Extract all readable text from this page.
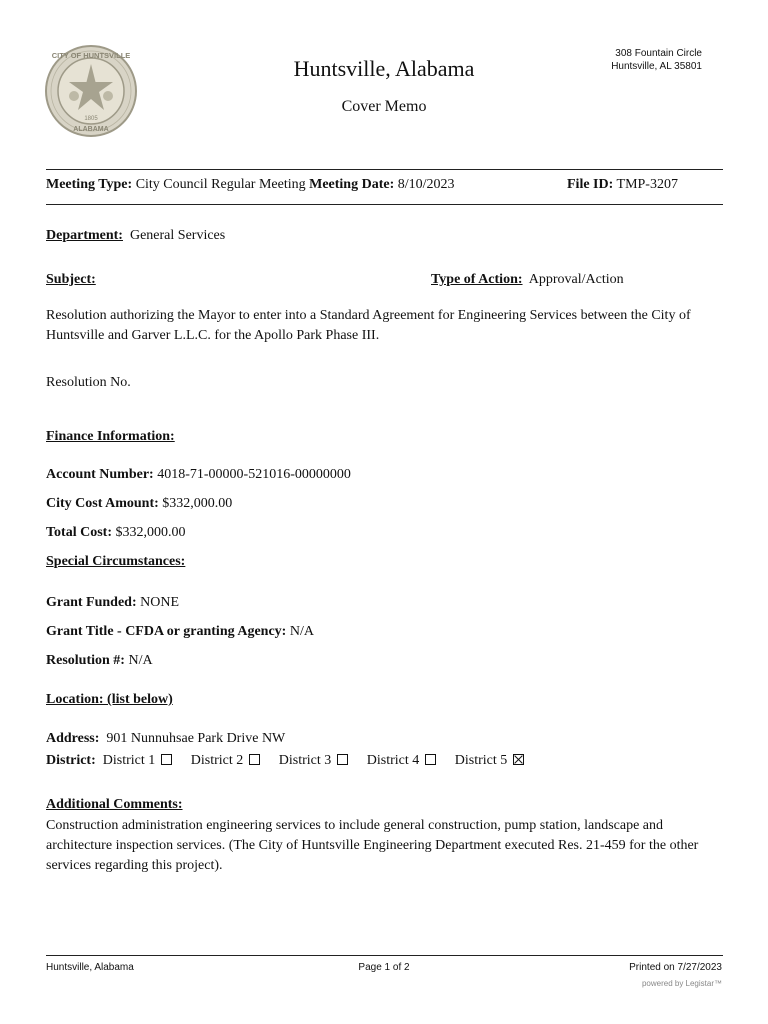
CITY OF HUNTSVILLE
ALABAMA
1805
Huntsville, Alabama
Cover Memo
308 Fountain Circle
Huntsville, AL 35801
Meeting Type: City Council Regular Meeting Meeting Date: 8/10/2023	File ID: TMP-3207
Department: General Services
Subject:	Type of Action: Approval/Action
Resolution authorizing the Mayor to enter into a Standard Agreement for Engineering Services between the City of Huntsville and Garver L.L.C. for the Apollo Park Phase III.
Resolution No.
Finance Information:
Account Number: 4018-71-00000-521016-00000000
City Cost Amount: $332,000.00
Total Cost: $332,000.00
Special Circumstances:
Grant Funded: NONE
Grant Title - CFDA or granting Agency: N/A
Resolution #: N/A
Location: (list below)
Address: 901 Nunnuhsae Park Drive NW
District: District 1	District 2	District 3	District 4	District 5
Additional Comments:
Construction administration engineering services to include general construction, pump station, landscape and architecture inspection services. (The City of Huntsville Engineering Department executed Res. 21-459 for the other services regarding this project).
Huntsville, Alabama	Page 1 of 2	Printed on 7/27/2023
powered by Legistar™
